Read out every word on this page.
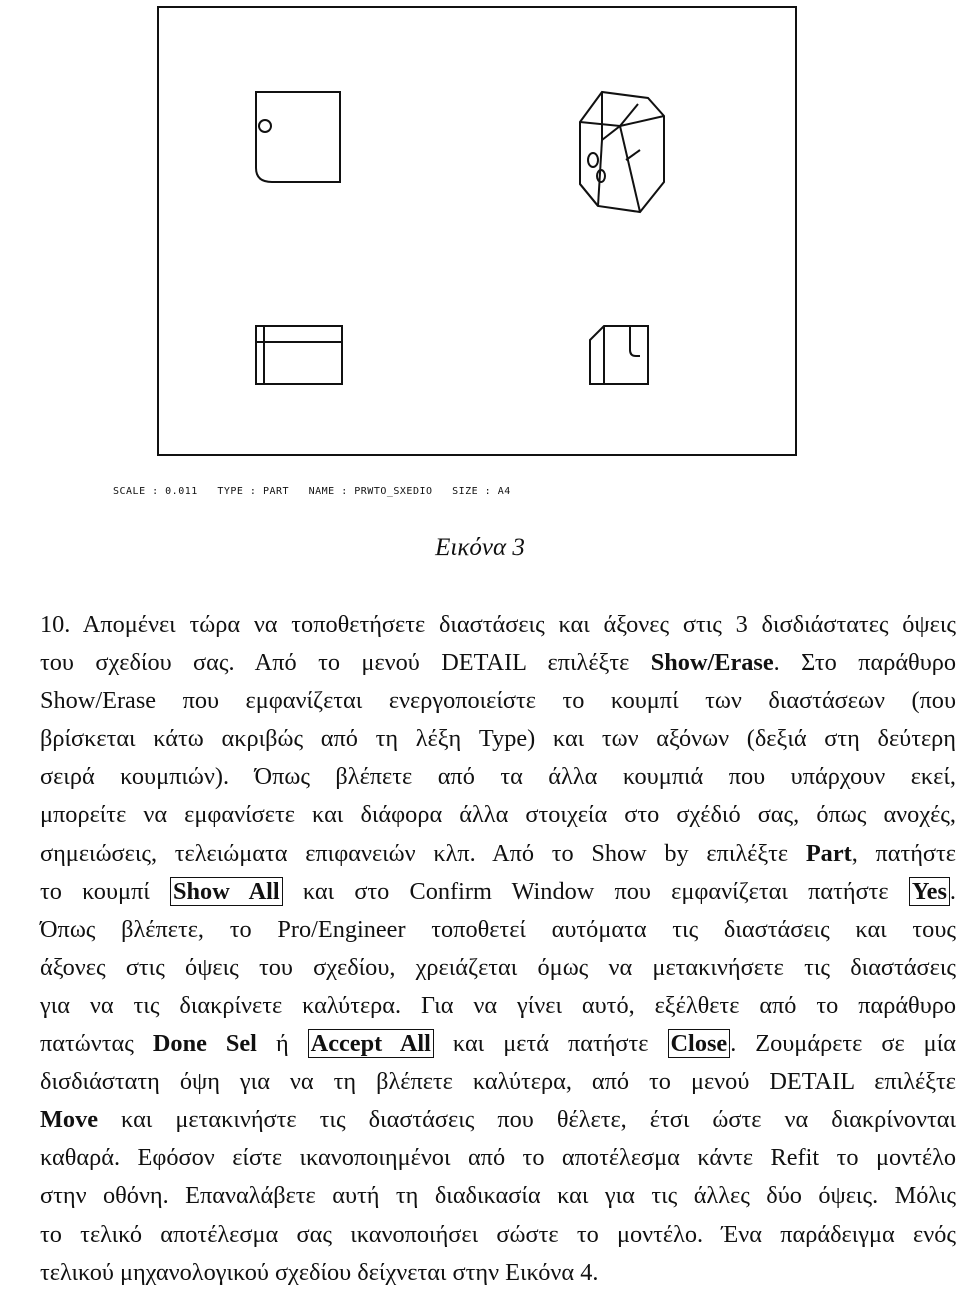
SCALE : 0.011   TYPE : PART   NAME : PRWTO_SXEDIO   SIZE : A4
Εικόνα 3
10. Απομένει τώρα να τοποθετήσετε διαστάσεις και άξονες στις 3 δισδιάστατες όψεις
του σχεδίου σας. Από το μενού DETAIL επιλέξτε Show/Erase. Στο παράθυρο
Show/Erase που εμφανίζεται ενεργοποιείστε το κουμπί των διαστάσεων (που
βρίσκεται κάτω ακριβώς από τη λέξη Type) και των αξόνων (δεξιά στη δεύτερη
σειρά κουμπιών). Όπως βλέπετε από τα άλλα κουμπιά που υπάρχουν εκεί,
μπορείτε να εμφανίσετε και διάφορα άλλα στοιχεία στο σχέδιό σας, όπως ανοχές,
σημειώσεις, τελειώματα επιφανειών κλπ. Από το Show by επιλέξτε Part, πατήστε
το κουμπί Show All και στο Confirm Window που εμφανίζεται πατήστε Yes .
Όπως βλέπετε, το Pro/Engineer τοποθετεί αυτόματα τις διαστάσεις και τους
άξονες στις όψεις του σχεδίου, χρειάζεται όμως να μετακινήσετε τις διαστάσεις
για να τις διακρίνετε καλύτερα. Για να γίνει αυτό, εξέλθετε από το παράθυρο
πατώντας Done Sel ή Accept All και μετά πατήστε Close . Ζουμάρετε σε μία
δισδιάστατη όψη για να τη βλέπετε καλύτερα, από το μενού DETAIL επιλέξτε
Move και μετακινήστε τις διαστάσεις που θέλετε, έτσι ώστε να διακρίνονται
καθαρά. Εφόσον είστε ικανοποιημένοι από το αποτέλεσμα κάντε Refit το μοντέλο
στην οθόνη. Επαναλάβετε αυτή τη διαδικασία και για τις άλλες δύο όψεις. Μόλις
το τελικό αποτέλεσμα σας ικανοποιήσει σώστε το μοντέλο. Ένα παράδειγμα ενός
τελικού μηχανολογικού σχεδίου δείχνεται στην Εικόνα 4.
